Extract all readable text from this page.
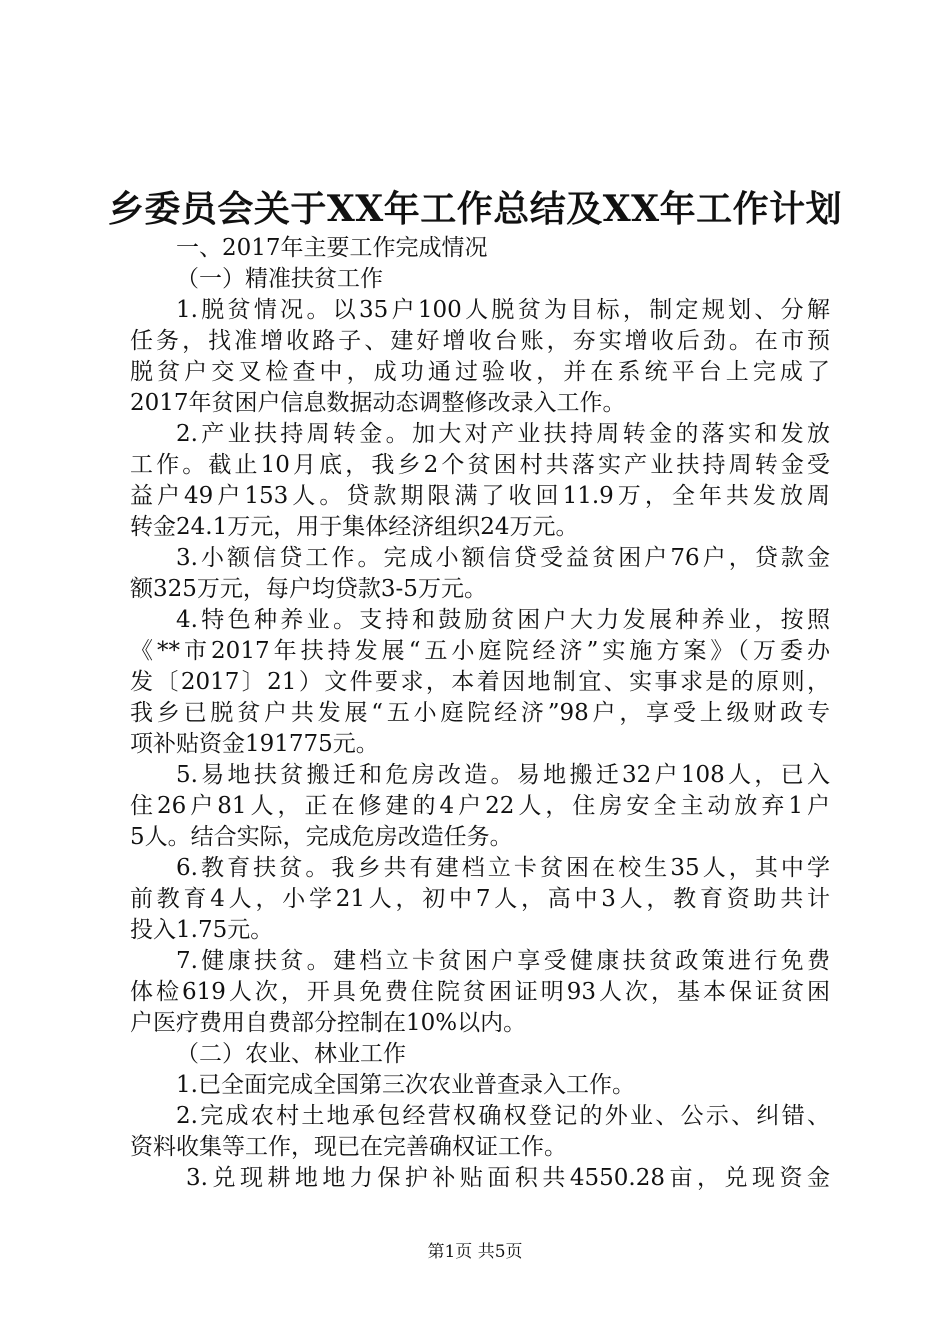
乡委员会关于XX年工作总结及XX年工作计划
一、2017年主要工作完成情况
（一）精准扶贫工作
1.脱贫情况。以35户100人脱贫为目标，制定规划、分解
任务，找准增收路子、建好增收台账，夯实增收后劲。在市预
脱贫户交叉检查中，成功通过验收，并在系统平台上完成了
2017年贫困户信息数据动态调整修改录入工作。
2.产业扶持周转金。加大对产业扶持周转金的落实和发放
工作。截止10月底，我乡2个贫困村共落实产业扶持周转金受
益户49户153人。贷款期限满了收回11.9万，全年共发放周
转金24.1万元，用于集体经济组织24万元。
3.小额信贷工作。完成小额信贷受益贫困户76户，贷款金
额325万元，每户均贷款3-5万元。
4.特色种养业。支持和鼓励贫困户大力发展种养业，按照
《**市2017年扶持发展“五小庭院经济”实施方案》（万委办
发〔2017〕21）文件要求，本着因地制宜、实事求是的原则，
我乡已脱贫户共发展“五小庭院经济”98户，享受上级财政专
项补贴资金191775元。
5.易地扶贫搬迁和危房改造。易地搬迁32户108人，已入
住26户81人，正在修建的4户22人，住房安全主动放弃1户
5人。结合实际，完成危房改造任务。
6.教育扶贫。我乡共有建档立卡贫困在校生35人，其中学
前教育4人，小学21人，初中7人，高中3人，教育资助共计
投入1.75元。
7.健康扶贫。建档立卡贫困户享受健康扶贫政策进行免费
体检619人次，开具免费住院贫困证明93人次，基本保证贫困
户医疗费用自费部分控制在10%以内。
（二）农业、林业工作
1.已全面完成全国第三次农业普查录入工作。
2.完成农村土地承包经营权确权登记的外业、公示、纠错、
资料收集等工作，现已在完善确权证工作。
3.兑现耕地地力保护补贴面积共4550.28亩，兑现资金
第1页 共5页
